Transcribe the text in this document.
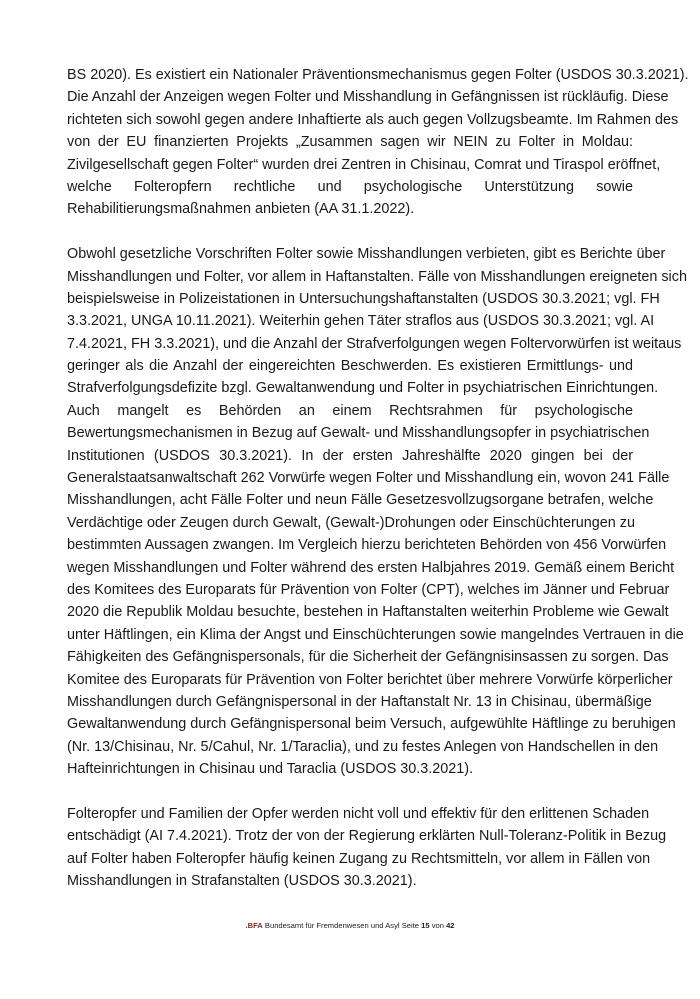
BS 2020). Es existiert ein Nationaler Präventionsmechanismus gegen Folter (USDOS 30.3.2021).
Die Anzahl der Anzeigen wegen Folter und Misshandlung in Gefängnissen ist rückläufig. Diese
richteten sich sowohl gegen andere Inhaftierte als auch gegen Vollzugsbeamte. Im Rahmen des
von der EU finanzierten Projekts „Zusammen sagen wir NEIN zu Folter in Moldau:
Zivilgesellschaft gegen Folter“ wurden drei Zentren in Chisinau, Comrat und Tiraspol eröffnet,
welche Folteropfern rechtliche und psychologische Unterstützung sowie
Rehabilitierungsmaßnahmen anbieten (AA 31.1.2022).
Obwohl gesetzliche Vorschriften Folter sowie Misshandlungen verbieten, gibt es Berichte über
Misshandlungen und Folter, vor allem in Haftanstalten. Fälle von Misshandlungen ereigneten sich
beispielsweise in Polizeistationen in Untersuchungshaftanstalten (USDOS 30.3.2021; vgl. FH
3.3.2021, UNGA 10.11.2021). Weiterhin gehen Täter straflos aus (USDOS 30.3.2021; vgl. AI
7.4.2021, FH 3.3.2021), und die Anzahl der Strafverfolgungen wegen Foltervorwürfen ist weitaus
geringer als die Anzahl der eingereichten Beschwerden. Es existieren Ermittlungs- und
Strafverfolgungsdefizite bzgl. Gewaltanwendung und Folter in psychiatrischen Einrichtungen.
Auch mangelt es Behörden an einem Rechtsrahmen für psychologische
Bewertungsmechanismen in Bezug auf Gewalt- und Misshandlungsopfer in psychiatrischen
Institutionen (USDOS 30.3.2021). In der ersten Jahreshälfte 2020 gingen bei der
Generalstaatsanwaltschaft 262 Vorwürfe wegen Folter und Misshandlung ein, wovon 241 Fälle
Misshandlungen, acht Fälle Folter und neun Fälle Gesetzesvollzugsorgane betrafen, welche
Verdächtige oder Zeugen durch Gewalt, (Gewalt-)Drohungen oder Einschüchterungen zu
bestimmten Aussagen zwangen. Im Vergleich hierzu berichteten Behörden von 456 Vorwürfen
wegen Misshandlungen und Folter während des ersten Halbjahres 2019. Gemäß einem Bericht
des Komitees des Europarats für Prävention von Folter (CPT), welches im Jänner und Februar
2020 die Republik Moldau besuchte, bestehen in Haftanstalten weiterhin Probleme wie Gewalt
unter Häftlingen, ein Klima der Angst und Einschüchterungen sowie mangelndes Vertrauen in die
Fähigkeiten des Gefängnispersonals, für die Sicherheit der Gefängnisinsassen zu sorgen. Das
Komitee des Europarats für Prävention von Folter berichtet über mehrere Vorwürfe körperlicher
Misshandlungen durch Gefängnispersonal in der Haftanstalt Nr. 13 in Chisinau, übermäßige
Gewaltanwendung durch Gefängnispersonal beim Versuch, aufgewühlte Häftlinge zu beruhigen
(Nr. 13/Chisinau, Nr. 5/Cahul, Nr. 1/Taraclia), und zu festes Anlegen von Handschellen in den
Hafteinrichtungen in Chisinau und Taraclia (USDOS 30.3.2021).
Folteropfer und Familien der Opfer werden nicht voll und effektiv für den erlittenen Schaden
entschädigt (AI 7.4.2021). Trotz der von der Regierung erklärten Null-Toleranz-Politik in Bezug
auf Folter haben Folteropfer häufig keinen Zugang zu Rechtsmitteln, vor allem in Fällen von
Misshandlungen in Strafanstalten (USDOS 30.3.2021).
.BFA Bundesamt für Fremdenwesen und Asyl Seite 15 von 42
